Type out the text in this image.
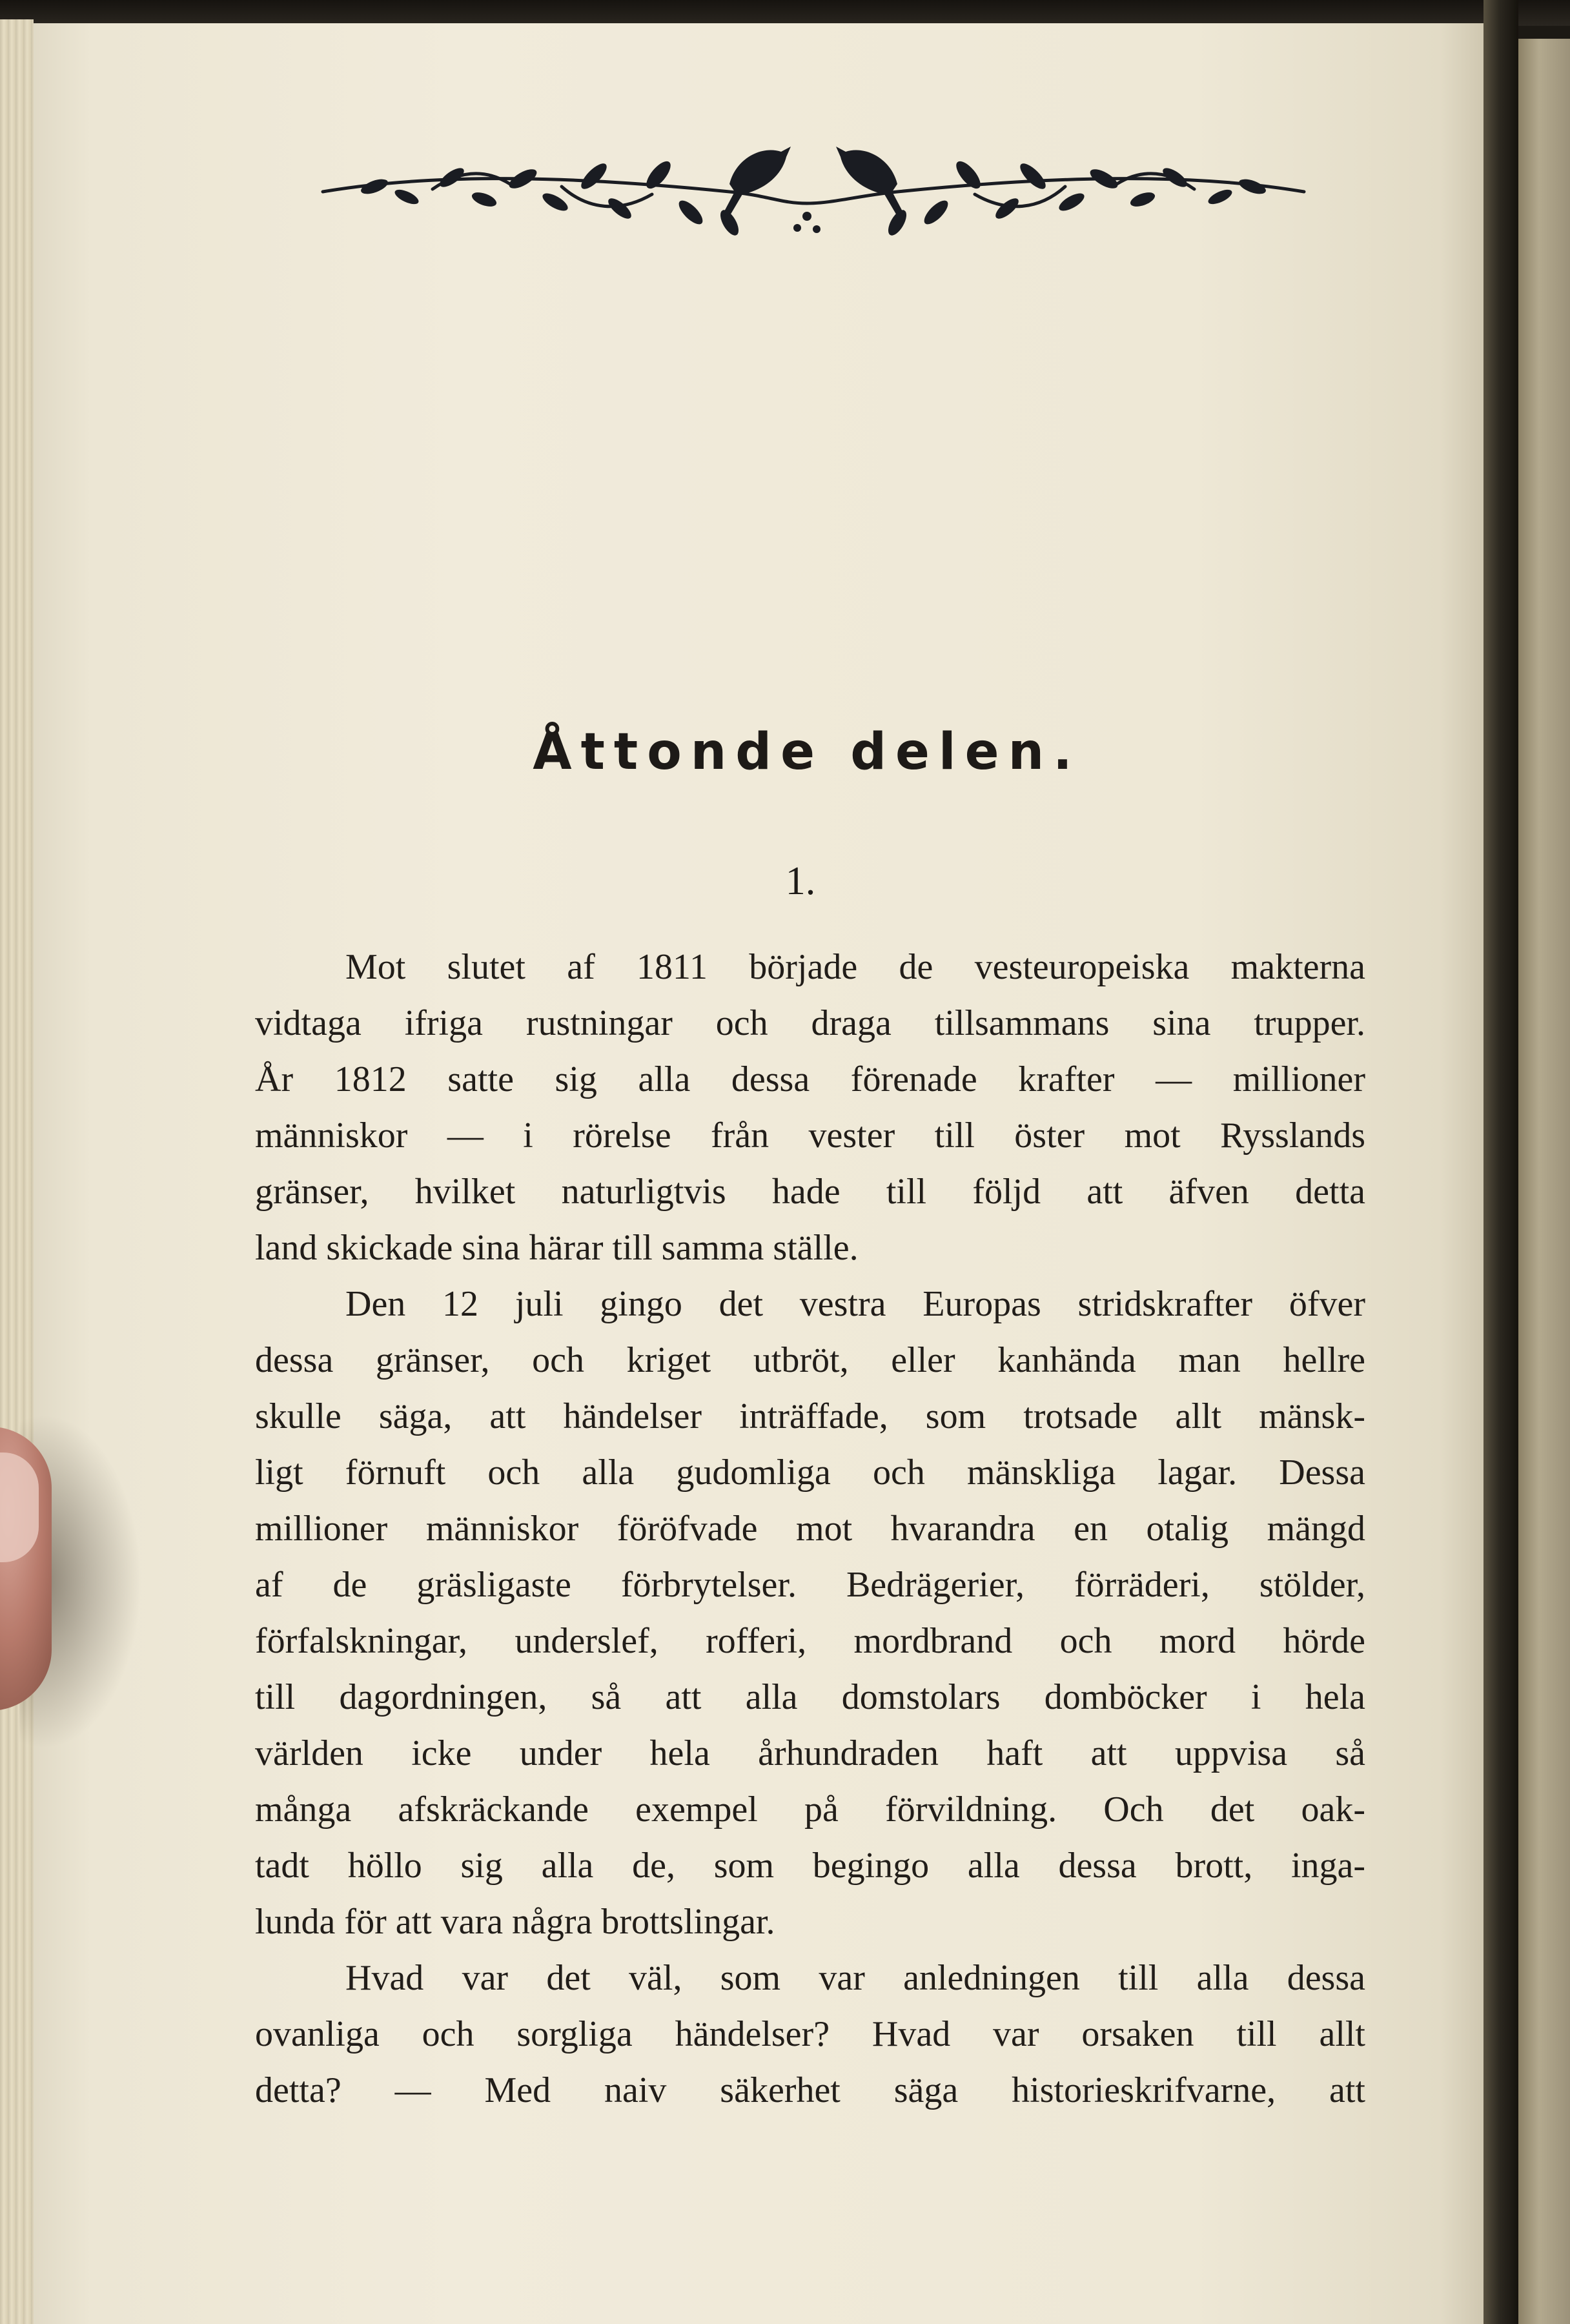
Åttonde delen.

1.

Mot slutet af 1811 började de vesteuropeiska makterna

vidtaga ifriga rustningar och draga tillsammans sina trupper.

År 1812 satte sig alla dessa förenade krafter — millioner

människor — i rörelse från vester till öster mot Rysslands

gränser, hvilket naturligtvis hade till följd att äfven detta

land skickade sina härar till samma ställe.

Den 12 juli gingo det vestra Europas stridskrafter öfver

dessa gränser, och kriget utbröt, eller kanhända man hellre

skulle säga, att händelser inträffade, som trotsade allt mänsk-

ligt förnuft och alla gudomliga och mänskliga lagar. Dessa

millioner människor föröfvade mot hvarandra en otalig mängd

af de gräsligaste förbrytelser. Bedrägerier, förräderi, stölder,

förfalskningar, underslef, rofferi, mordbrand och mord hörde

till dagordningen, så att alla domstolars domböcker i hela

världen icke under hela århundraden haft att uppvisa så

många afskräckande exempel på förvildning. Och det oak-

tadt höllo sig alla de, som begingo alla dessa brott, inga-

lunda för att vara några brottslingar.

Hvad var det väl, som var anledningen till alla dessa

ovanliga och sorgliga händelser? Hvad var orsaken till allt

detta? — Med naiv säkerhet säga historieskrifvarne, att
